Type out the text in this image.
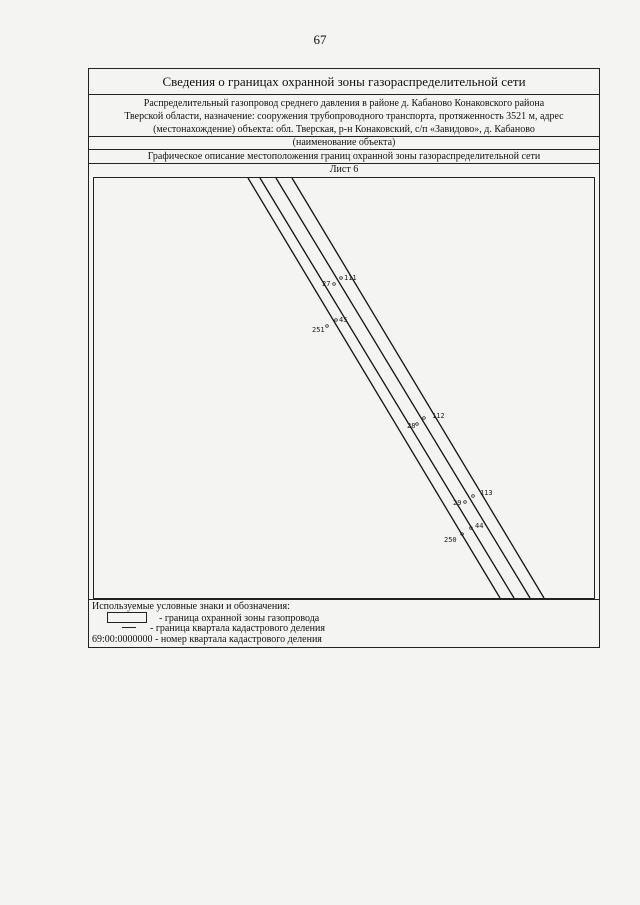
67
Сведения о границах охранной зоны газораспределительной сети
Распределительный газопровод среднего давления в районе д. Кабаново Конаковского района
Тверской области, назначение: сооружения трубопроводного транспорта, протяженность 3521 м, адрес
(местонахождение) объекта: обл. Тверская, р-н Конаковский, с/п «Завидово», д. Кабаново
(наименование объекта)
Графическое описание местоположения границ охранной зоны газораспределительной сети
Лист 6
111
27
45
251
112
28
113
29
44
250
Используемые условные знаки и обозначения:
- граница охранной зоны газопровода
- граница квартала кадастрового деления
69:00:0000000 - номер квартала кадастрового деления
